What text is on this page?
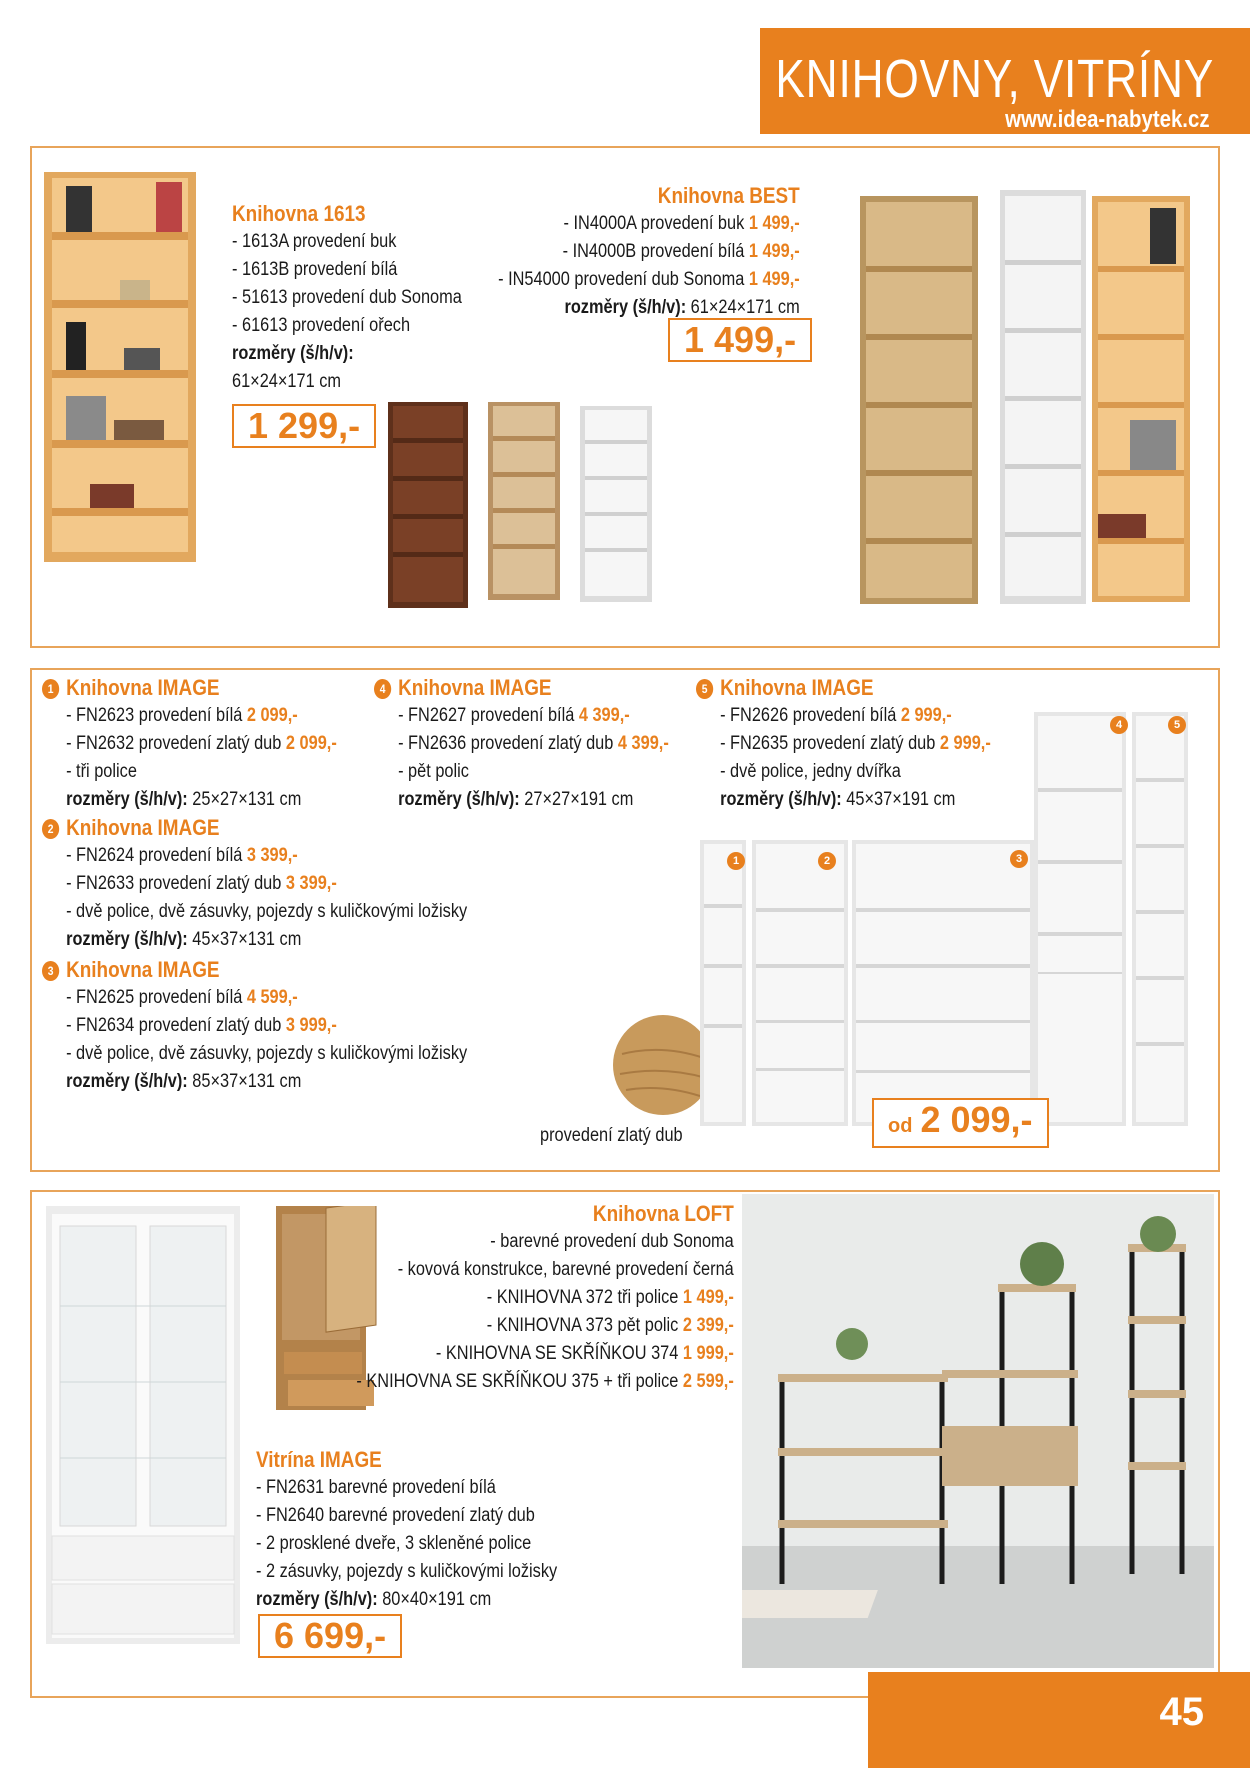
KNIHOVNY, VITRÍNY
www.idea-nabytek.cz
Knihovna 1613
- 1613A provedení buk
- 1613B provedení bílá
- 51613 provedení dub Sonoma
- 61613 provedení ořech
rozměry (š/h/v):
61×24×171 cm
1 299,-
Knihovna BEST
- IN4000A provedení buk 1 499,-
- IN4000B provedení bílá 1 499,-
- IN54000 provedení dub Sonoma 1 499,-
rozměry (š/h/v): 61×24×171 cm
1 499,-
1 Knihovna IMAGE
- FN2623 provedení bílá 2 099,-
- FN2632 provedení zlatý dub 2 099,-
- tři police
rozměry (š/h/v): 25×27×131 cm
2 Knihovna IMAGE
- FN2624 provedení bílá 3 399,-
- FN2633 provedení zlatý dub 3 399,-
- dvě police, dvě zásuvky, pojezdy s kuličkovými ložisky
rozměry (š/h/v): 45×37×131 cm
3 Knihovna IMAGE
- FN2625 provedení bílá 4 599,-
- FN2634 provedení zlatý dub 3 999,-
- dvě police, dvě zásuvky, pojezdy s kuličkovými ložisky
rozměry (š/h/v): 85×37×131 cm
4 Knihovna IMAGE
- FN2627 provedení bílá 4 399,-
- FN2636 provedení zlatý dub 4 399,-
- pět polic
rozměry (š/h/v): 27×27×191 cm
5 Knihovna IMAGE
- FN2626 provedení bílá 2 999,-
- FN2635 provedení zlatý dub 2 999,-
- dvě police, jedny dvířka
rozměry (š/h/v): 45×37×191 cm
provedení zlatý dub
1	2	3
4	5
od 2 099,-
Knihovna LOFT
- barevné provedení dub Sonoma
- kovová konstrukce, barevné provedení černá
- KNIHOVNA 372 tři police 1 499,-
- KNIHOVNA 373 pět polic 2 399,-
- KNIHOVNA SE SKŘÍŇKOU 374 1 999,-
- KNIHOVNA SE SKŘÍŇKOU 375 + tři police 2 599,-
Vitrína IMAGE
- FN2631 barevné provedení bílá
- FN2640 barevné provedení zlatý dub
- 2 prosklené dveře, 3 skleněné police
- 2 zásuvky, pojezdy s kuličkovými ložisky
rozměry (š/h/v): 80×40×191 cm
6 699,-
45
